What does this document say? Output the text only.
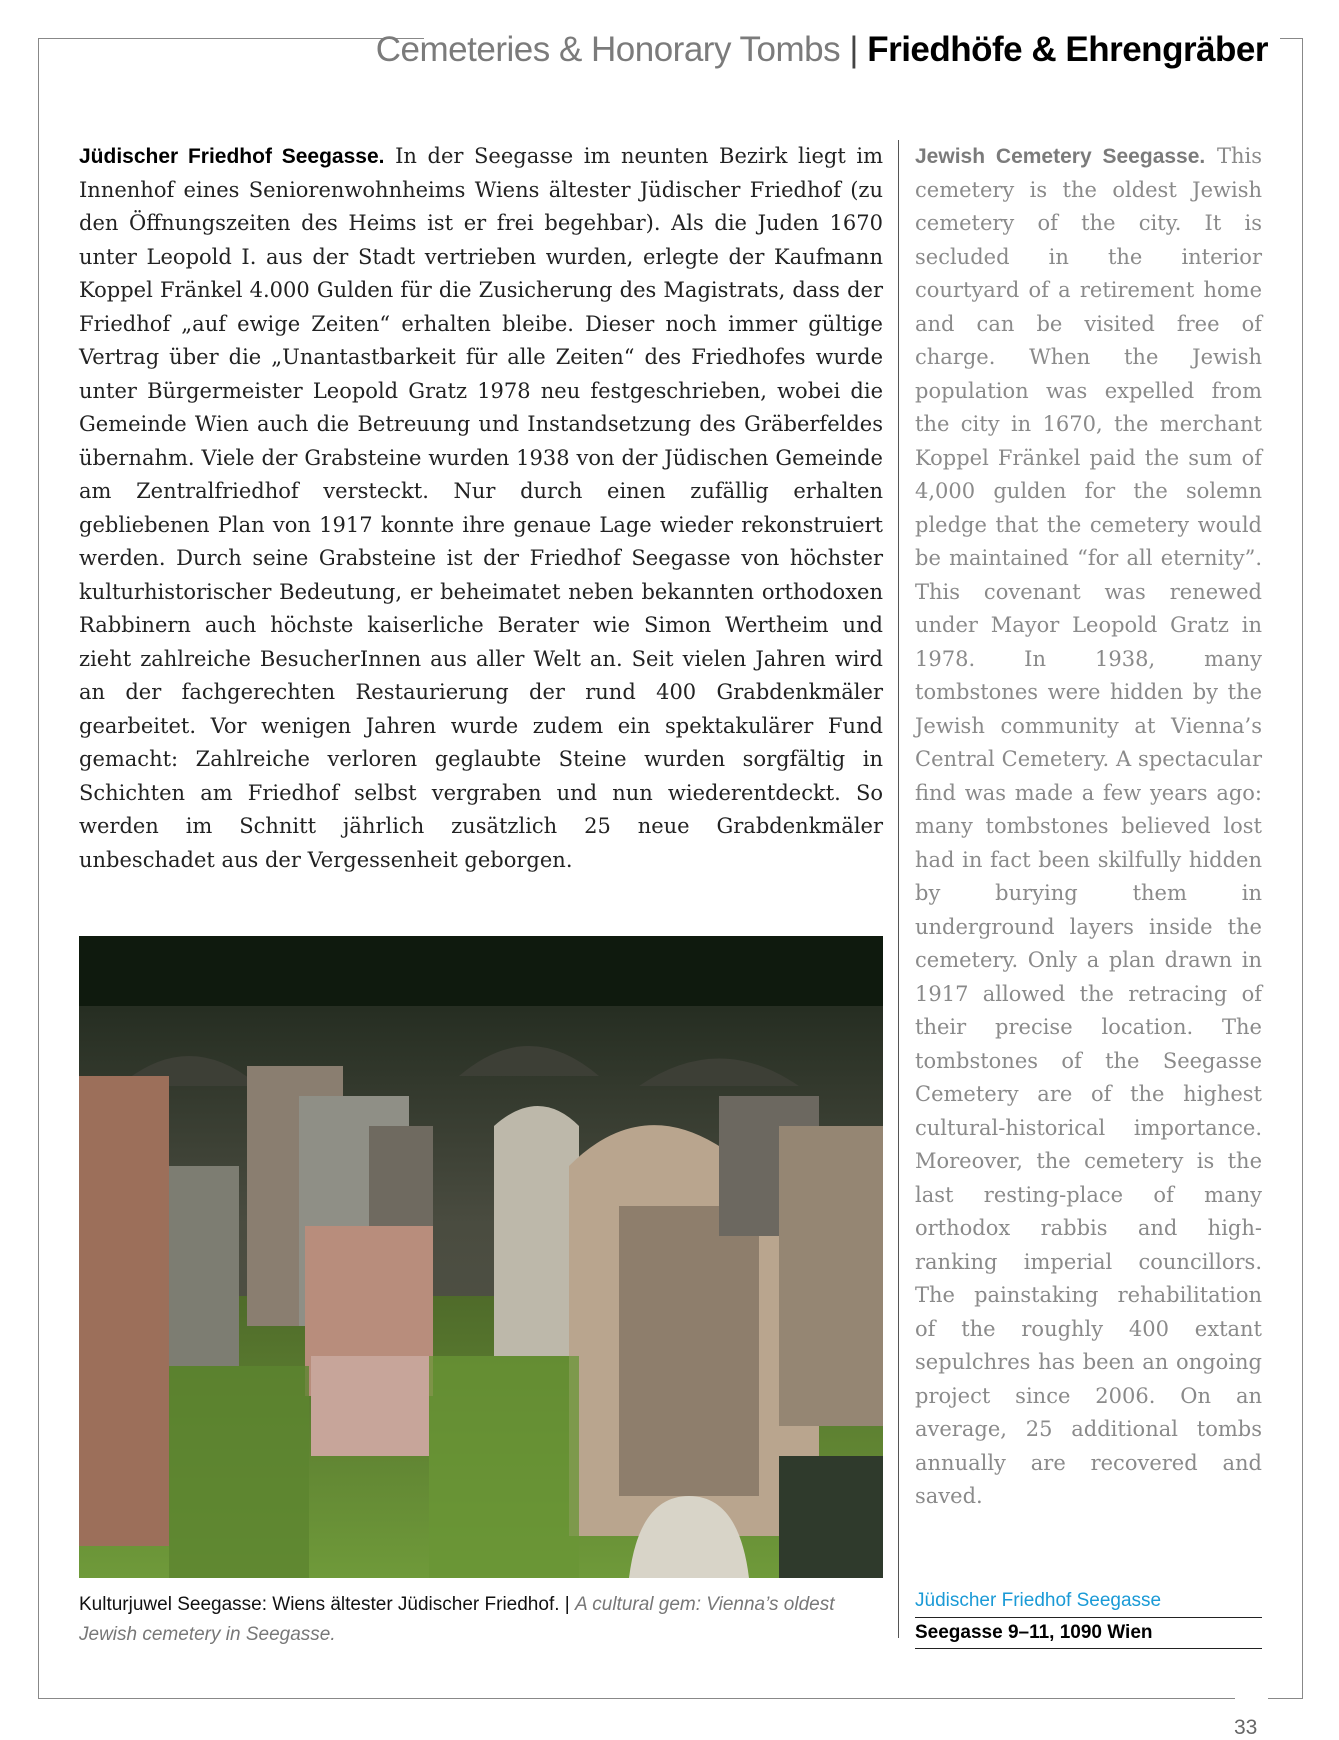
Cemeteries & Honorary Tombs | Friedhöfe & Ehrengräber
Jüdischer Friedhof Seegasse. In der Seegasse im neunten Bezirk liegt im Innenhof eines Seniorenwohnheims Wiens ältester Jüdischer Friedhof (zu den Öffnungszeiten des Heims ist er frei begehbar). Als die Juden 1670 unter Leopold I. aus der Stadt vertrieben wurden, erlegte der Kaufmann Koppel Fränkel 4.000 Gulden für die Zusicherung des Magistrats, dass der Friedhof „auf ewige Zeiten“ erhalten bleibe. Dieser noch immer gültige Vertrag über die „Unantastbarkeit für alle Zeiten“ des Friedhofes wurde unter Bürgermeister Leopold Gratz 1978 neu festgeschrieben, wobei die Gemeinde Wien auch die Betreuung und Instandsetzung des Gräberfeldes übernahm. Viele der Grabsteine wurden 1938 von der Jüdischen Gemeinde am Zentralfriedhof versteckt. Nur durch einen zufällig erhalten gebliebenen Plan von 1917 konnte ihre genaue Lage wieder rekonstruiert werden. Durch seine Grabsteine ist der Friedhof Seegasse von höchster kulturhistorischer Bedeutung, er beheimatet neben bekannten orthodoxen Rabbinern auch höchste kaiserliche Berater wie Simon Wertheim und zieht zahlreiche BesucherInnen aus aller Welt an. Seit vielen Jahren wird an der fachgerechten Restaurierung der rund 400 Grabdenkmäler gearbeitet. Vor wenigen Jahren wurde zudem ein spektakulärer Fund gemacht: Zahlreiche verloren geglaubte Steine wurden sorgfältig in Schichten am Friedhof selbst vergraben und nun wiederentdeckt. So werden im Schnitt jährlich zusätzlich 25 neue Grabdenkmäler unbeschadet aus der Vergessenheit geborgen.
Jewish Cemetery Seegasse. This cemetery is the oldest Jewish cemetery of the city. It is secluded in the interior courtyard of a retirement home and can be visited free of charge. When the Jewish population was expelled from the city in 1670, the merchant Koppel Fränkel paid the sum of 4,000 gulden for the solemn pledge that the cemetery would be maintained “for all eternity”. This covenant was renewed under Mayor Leopold Gratz in 1978. In 1938, many tombstones were hidden by the Jewish community at Vienna’s Central Cemetery. A spectacular find was made a few years ago: many tombstones believed lost had in fact been skilfully hidden by burying them in underground layers inside the cemetery. Only a plan drawn in 1917 allowed the retracing of their precise location. The tombstones of the Seegasse Cemetery are of the highest cultural-historical importance. Moreover, the cemetery is the last resting-place of many orthodox rabbis and high-ranking imperial councillors. The painstaking rehabilitation of the roughly 400 extant sepulchres has been an ongoing project since 2006. On an average, 25 additional tombs annually are recovered and saved.
Kulturjuwel Seegasse: Wiens ältester Jüdischer Friedhof. | A cultural gem: Vienna’s oldest Jewish cemetery in Seegasse.
Jüdischer Friedhof Seegasse
Seegasse 9–11, 1090 Wien
33
